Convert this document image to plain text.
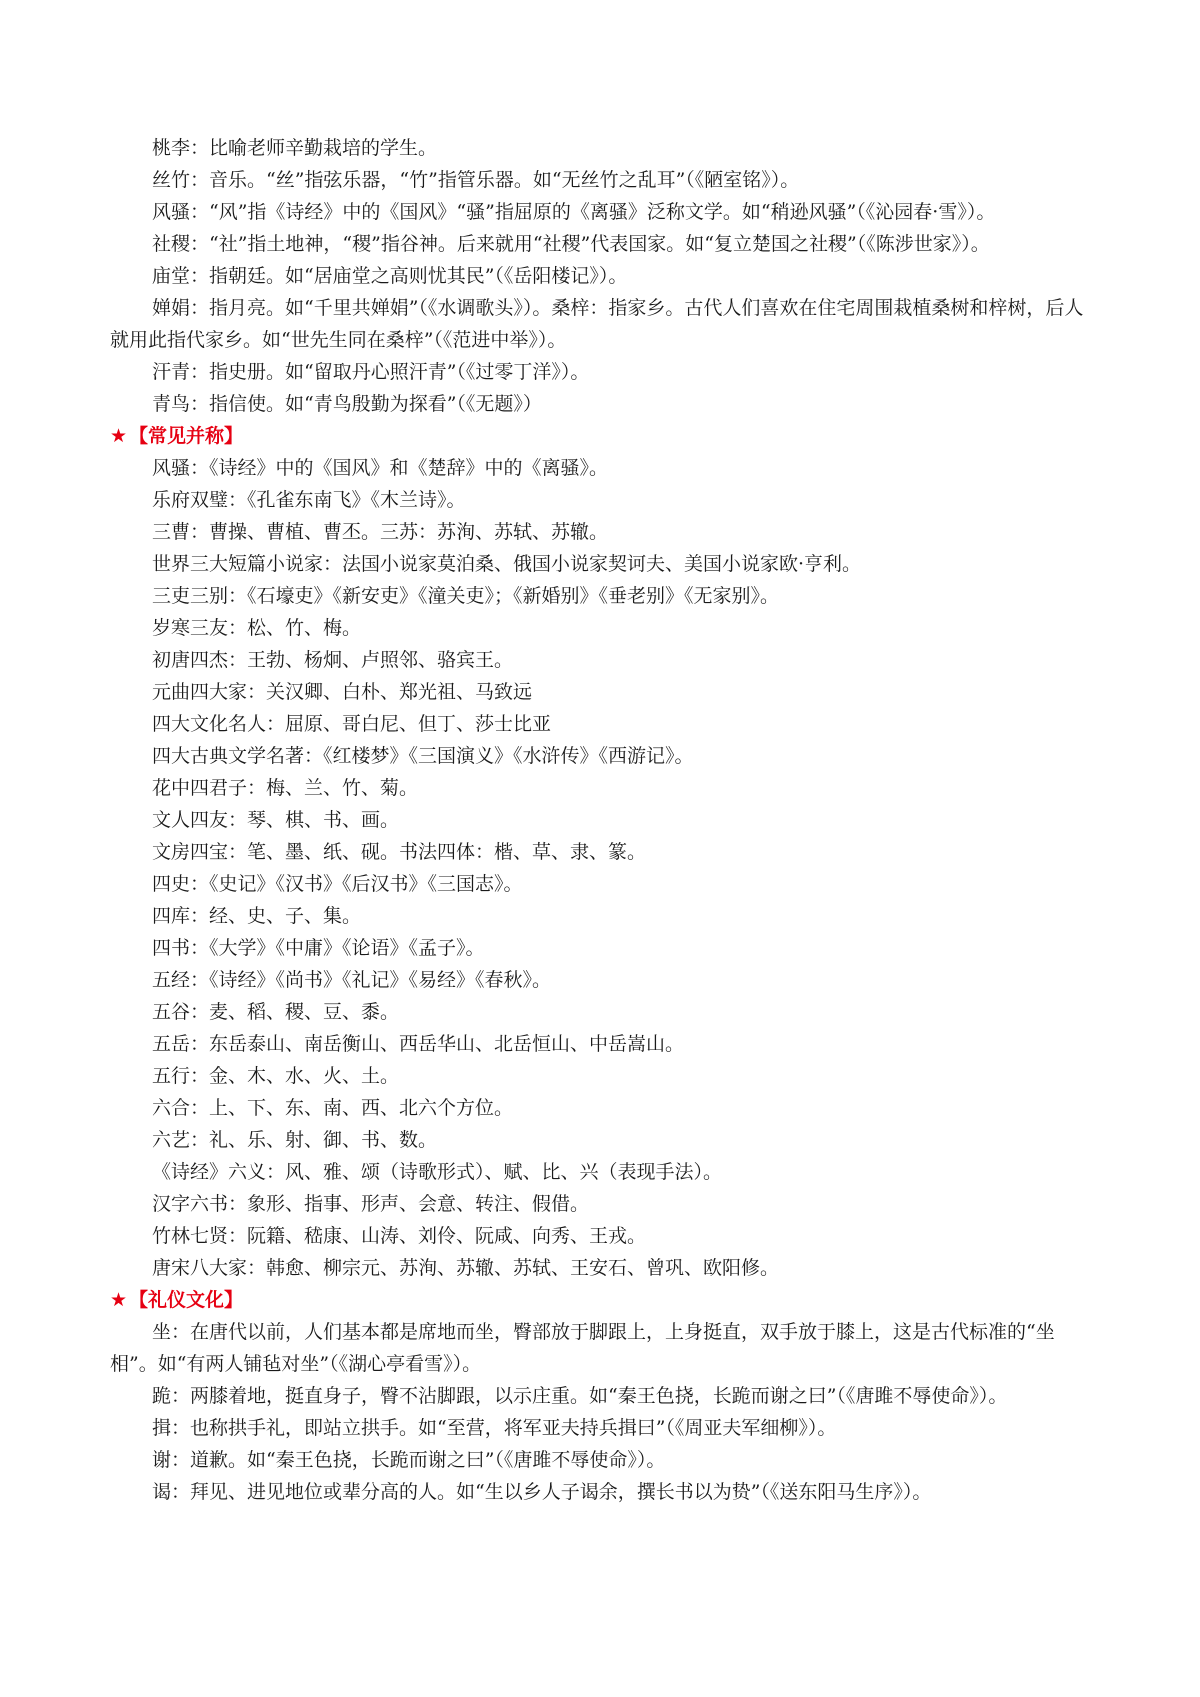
桃李：比喻老师辛勤栽培的学生。
丝竹：音乐。“丝”指弦乐器，“竹”指管乐器。如“无丝竹之乱耳”（《陋室铭》）。
风骚：“风”指《诗经》中的《国风》“骚”指屈原的《离骚》泛称文学。如“稍逊风骚”（《沁园春·雪》）。
社稷：“社”指土地神，“稷”指谷神。后来就用“社稷”代表国家。如“复立楚国之社稷”（《陈涉世家》）。
庙堂：指朝廷。如“居庙堂之高则忧其民”（《岳阳楼记》）。
婵娟：指月亮。如“千里共婵娟”（《水调歌头》）。桑梓：指家乡。古代人们喜欢在住宅周围栽植桑树和梓树，后人就用此指代家乡。如“世先生同在桑梓”（《范进中举》）。
汗青：指史册。如“留取丹心照汗青”（《过零丁洋》）。
青鸟：指信使。如“青鸟殷勤为探看”（《无题》）
★ 【常见并称】
风骚：《诗经》中的《国风》和《楚辞》中的《离骚》。
乐府双璧：《孔雀东南飞》《木兰诗》。
三曹：曹操、曹植、曹丕。三苏：苏洵、苏轼、苏辙。
世界三大短篇小说家：法国小说家莫泊桑、俄国小说家契诃夫、美国小说家欧·亨利。
三吏三别：《石壕吏》《新安吏》《潼关吏》；《新婚别》《垂老别》《无家别》。
岁寒三友：松、竹、梅。
初唐四杰：王勃、杨炯、卢照邻、骆宾王。
元曲四大家：关汉卿、白朴、郑光祖、马致远
四大文化名人：屈原、哥白尼、但丁、莎士比亚
四大古典文学名著：《红楼梦》《三国演义》《水浒传》《西游记》。
花中四君子：梅、兰、竹、菊。
文人四友：琴、棋、书、画。
文房四宝：笔、墨、纸、砚。书法四体：楷、草、隶、篆。
四史：《史记》《汉书》《后汉书》《三国志》。
四库：经、史、子、集。
四书：《大学》《中庸》《论语》《孟子》。
五经：《诗经》《尚书》《礼记》《易经》《春秋》。
五谷：麦、稻、稷、豆、黍。
五岳：东岳泰山、南岳衡山、西岳华山、北岳恒山、中岳嵩山。
五行：金、木、水、火、土。
六合：上、下、东、南、西、北六个方位。
六艺：礼、乐、射、御、书、数。
《诗经》六义：风、雅、颂（诗歌形式）、赋、比、兴（表现手法）。
汉字六书：象形、指事、形声、会意、转注、假借。
竹林七贤：阮籍、嵇康、山涛、刘伶、阮咸、向秀、王戎。
唐宋八大家：韩愈、柳宗元、苏洵、苏辙、苏轼、王安石、曾巩、欧阳修。
★ 【礼仪文化】
坐：在唐代以前，人们基本都是席地而坐，臀部放于脚跟上，上身挺直，双手放于膝上，这是古代标准的“坐相”。如“有两人铺毡对坐”（《湖心亭看雪》）。
跪：两膝着地，挺直身子，臀不沾脚跟，以示庄重。如“秦王色挠，长跪而谢之曰”（《唐雎不辱使命》）。
揖：也称拱手礼，即站立拱手。如“至营，将军亚夫持兵揖曰”（《周亚夫军细柳》）。
谢：道歉。如“秦王色挠，长跪而谢之曰”（《唐雎不辱使命》）。
谒：拜见、进见地位或辈分高的人。如“生以乡人子谒余，撰长书以为贽”（《送东阳马生序》）。
